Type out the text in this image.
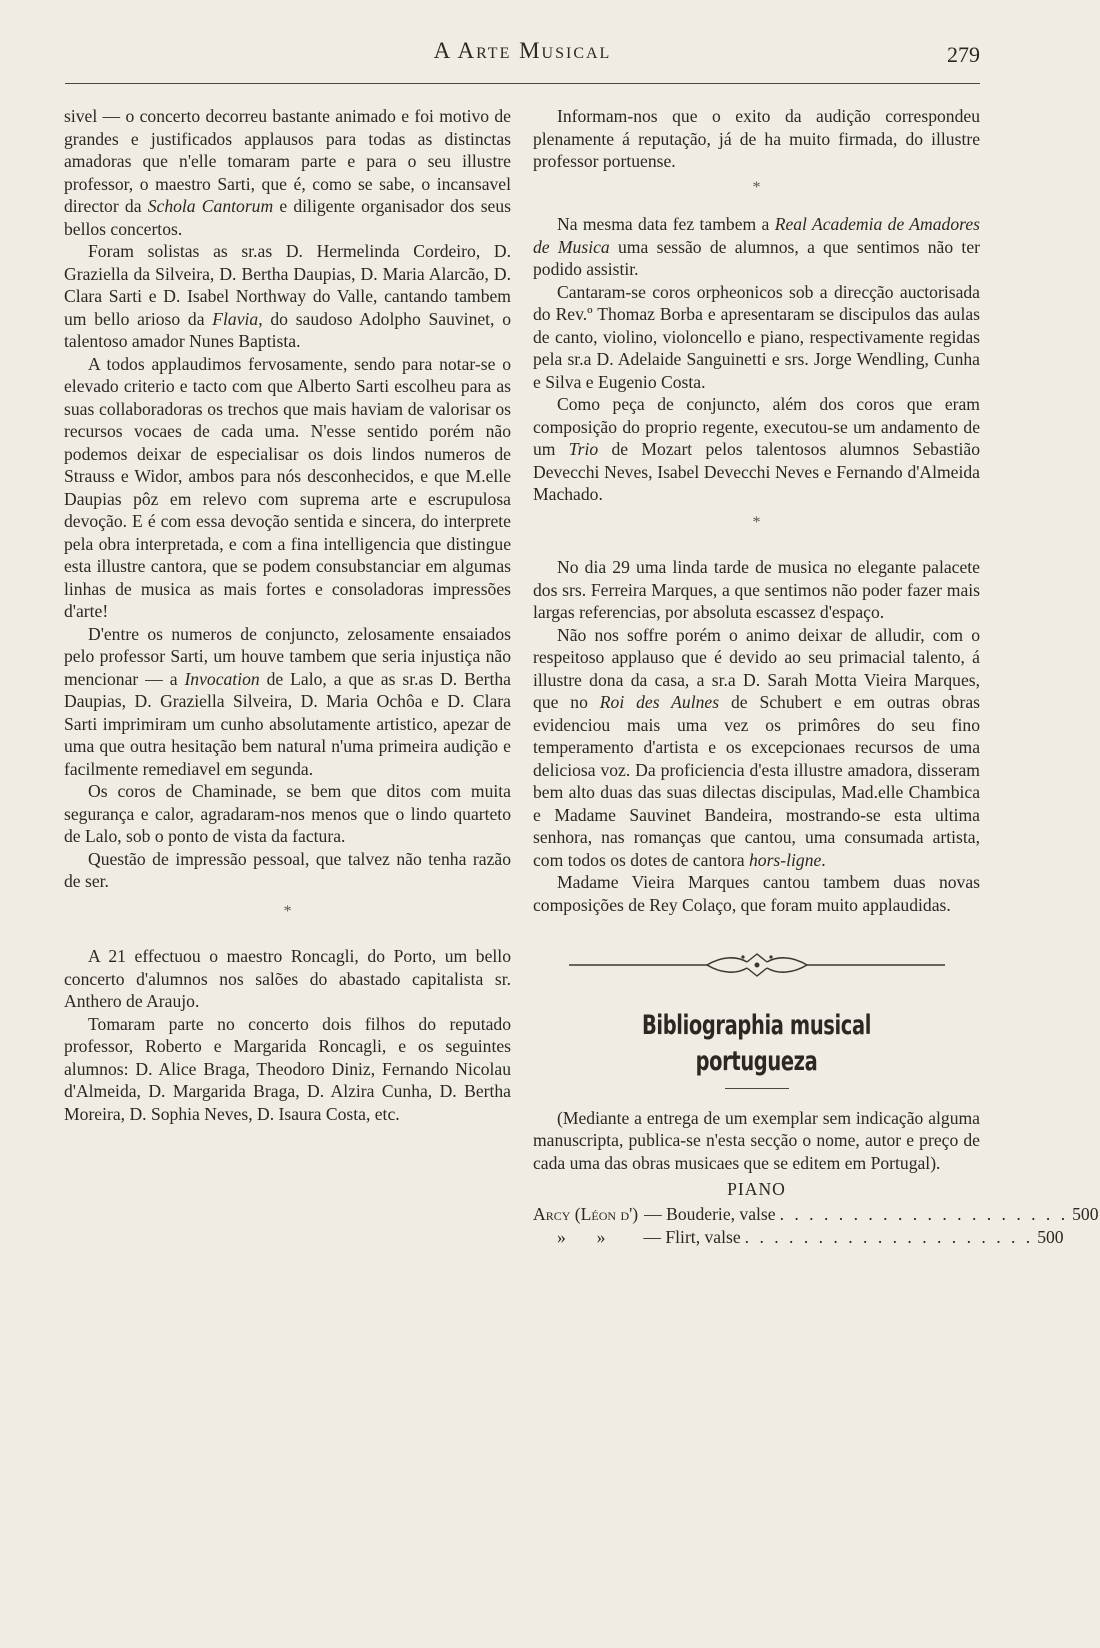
A Arte Musical	279

sivel — o concerto decorreu bastante animado e foi motivo de grandes e justificados applausos para todas as distinctas amadoras que n'elle tomaram parte e para o seu illustre professor, o maestro Sarti, que é, como se sabe, o incansavel director da Schola Cantorum e diligente organisador dos seus bellos concertos.

Foram solistas as sr.as D. Hermelinda Cordeiro, D. Graziella da Silveira, D. Bertha Daupias, D. Maria Alarcão, D. Clara Sarti e D. Isabel Northway do Valle, cantando tambem um bello arioso da Flavia, do saudoso Adolpho Sauvinet, o talentoso amador Nunes Baptista.

A todos applaudimos fervosamente, sendo para notar-se o elevado criterio e tacto com que Alberto Sarti escolheu para as suas collaboradoras os trechos que mais haviam de valorisar os recursos vocaes de cada uma. N'esse sentido porém não podemos deixar de especialisar os dois lindos numeros de Strauss e Widor, ambos para nós desconhecidos, e que M.elle Daupias pôz em relevo com suprema arte e escrupulosa devoção. E é com essa devoção sentida e sincera, do interprete pela obra interpretada, e com a fina intelligencia que distingue esta illustre cantora, que se podem consubstanciar em algumas linhas de musica as mais fortes e consoladoras impressões d'arte!

D'entre os numeros de conjuncto, zelosamente ensaiados pelo professor Sarti, um houve tambem que seria injustiça não mencionar — a Invocation de Lalo, a que as sr.as D. Bertha Daupias, D. Graziella Silveira, D. Maria Ochôa e D. Clara Sarti imprimiram um cunho absolutamente artistico, apezar de uma que outra hesitação bem natural n'uma primeira audição e facilmente remediavel em segunda.

Os coros de Chaminade, se bem que ditos com muita segurança e calor, agradaram-nos menos que o lindo quarteto de Lalo, sob o ponto de vista da factura.

Questão de impressão pessoal, que talvez não tenha razão de ser.

*

A 21 effectuou o maestro Roncagli, do Porto, um bello concerto d'alumnos nos salões do abastado capitalista sr. Anthero de Araujo.

Tomaram parte no concerto dois filhos do reputado professor, Roberto e Margarida Roncagli, e os seguintes alumnos: D. Alice Braga, Theodoro Diniz, Fernando Nicolau d'Almeida, D. Margarida Braga, D. Alzira Cunha, D. Bertha Moreira, D. Sophia Neves, D. Isaura Costa, etc.

Informam-nos que o exito da audição correspondeu plenamente á reputação, já de ha muito firmada, do illustre professor portuense.

*

Na mesma data fez tambem a Real Academia de Amadores de Musica uma sessão de alumnos, a que sentimos não ter podido assistir.

Cantaram-se coros orpheonicos sob a direcção auctorisada do Rev.º Thomaz Borba e apresentaram se discipulos das aulas de canto, violino, violoncello e piano, respectivamente regidas pela sr.a D. Adelaide Sanguinetti e srs. Jorge Wendling, Cunha e Silva e Eugenio Costa.

Como peça de conjuncto, além dos coros que eram composição do proprio regente, executou-se um andamento de um Trio de Mozart pelos talentosos alumnos Sebastião Devecchi Neves, Isabel Devecchi Neves e Fernando d'Almeida Machado.

*

No dia 29 uma linda tarde de musica no elegante palacete dos srs. Ferreira Marques, a que sentimos não poder fazer mais largas referencias, por absoluta escassez d'espaço.

Não nos soffre porém o animo deixar de alludir, com o respeitoso applauso que é devido ao seu primacial talento, á illustre dona da casa, a sr.a D. Sarah Motta Vieira Marques, que no Roi des Aulnes de Schubert e em outras obras evidenciou mais uma vez os primôres do seu fino temperamento d'artista e os excepcionaes recursos de uma deliciosa voz. Da proficiencia d'esta illustre amadora, disseram bem alto duas das suas dilectas discipulas, Mad.elle Chambica e Madame Sauvinet Bandeira, mostrando-se esta ultima senhora, nas romanças que cantou, uma consumada artista, com todos os dotes de cantora hors-ligne.

Madame Vieira Marques cantou tambem duas novas composições de Rey Colaço, que foram muito applaudidas.

Bibliographia musical portugueza

(Mediante a entrega de um exemplar sem indicação alguma manuscripta, publica-se n'esta secção o nome, autor e preço de cada uma das obras musicaes que se editem em Portugal).

PIANO
Arcy (Léon d') — Bouderie, valse . . . . . . . . . . . . . . . . . . . . 500
»       » — Flirt, valse . . . . . . . . . . . . . . . . . . . . 500
